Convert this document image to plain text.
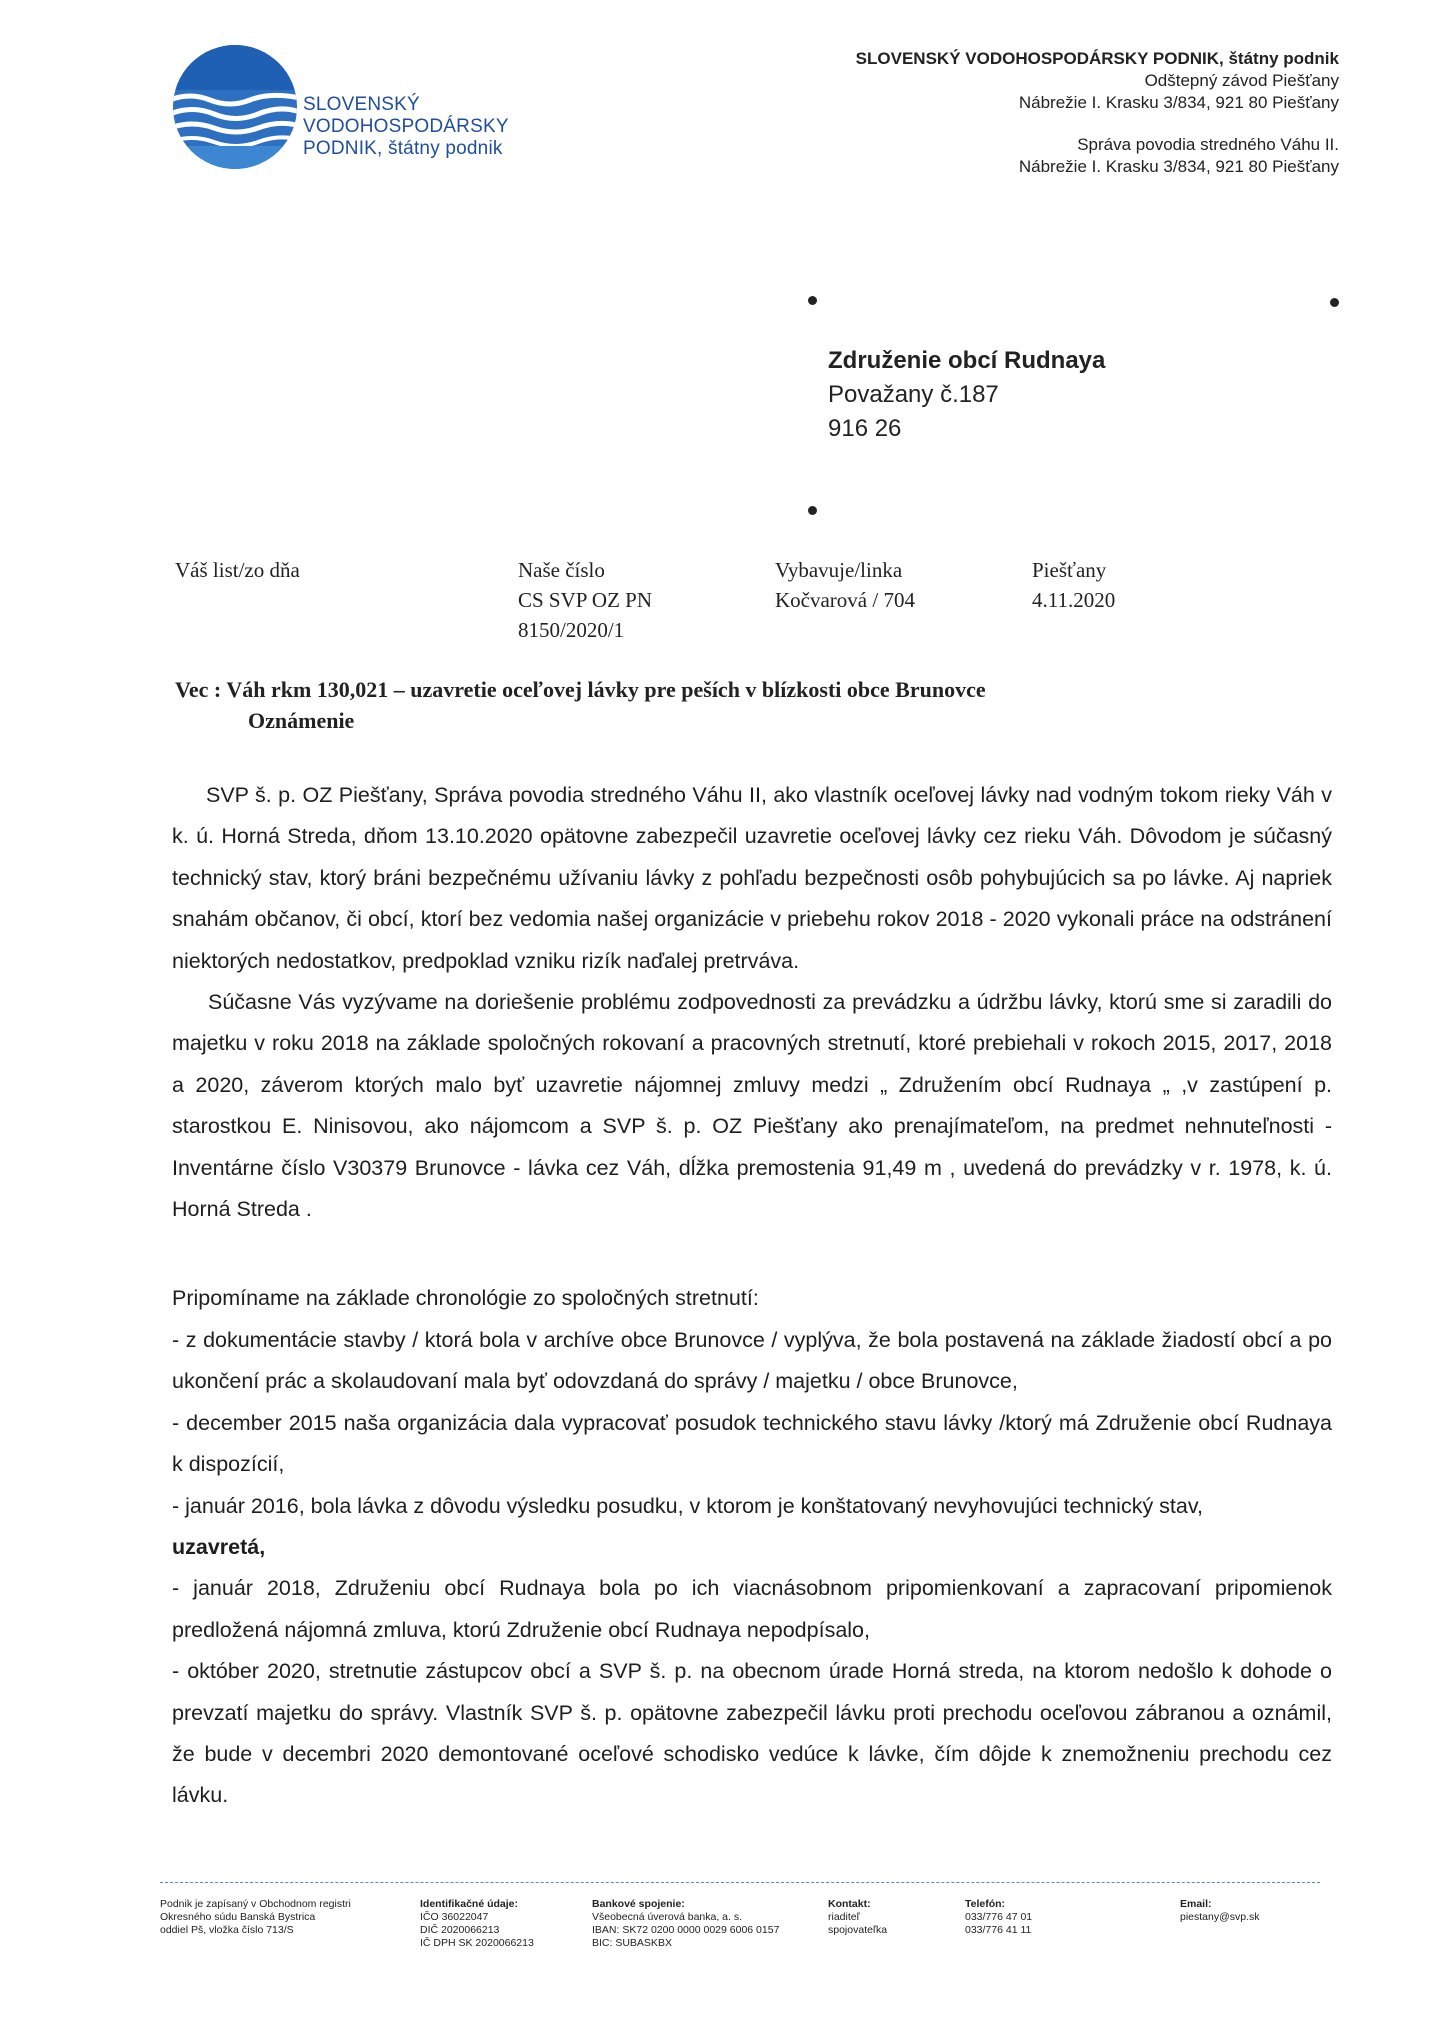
SLOVENSKÝ
VODOHOSPODÁRSKY
PODNIK, štátny podnik
SLOVENSKÝ VODOHOSPODÁRSKY PODNIK, štátny podnik
Odštepný závod Piešťany
Nábrežie I. Krasku 3/834, 921 80 Piešťany
Správa povodia stredného Váhu II.
Nábrežie I. Krasku 3/834, 921 80 Piešťany
Združenie obcí Rudnaya
Považany č.187
916 26
Váš list/zo dňa	Naše číslo
CS SVP OZ PN
8150/2020/1
Vybavuje/linka
Kočvarová / 704
Piešťany
4.11.2020
Vec : Váh rkm 130,021 – uzavretie oceľovej lávky pre peších v blízkosti obce Brunovce
Oznámenie

SVP š. p. OZ Piešťany, Správa povodia stredného Váhu II, ako vlastník oceľovej lávky nad vodným tokom rieky Váh v k. ú. Horná Streda, dňom 13.10.2020 opätovne zabezpečil uzavretie oceľovej lávky cez rieku Váh. Dôvodom je súčasný technický stav, ktorý bráni bezpečnému užívaniu lávky z pohľadu bezpečnosti osôb pohybujúcich sa po lávke. Aj napriek snahám občanov, či obcí, ktorí bez vedomia našej organizácie v priebehu rokov 2018 - 2020 vykonali práce na odstránení niektorých nedostatkov, predpoklad vzniku rizík naďalej pretrváva.

Súčasne Vás vyzývame na doriešenie problému zodpovednosti za prevádzku a údržbu lávky, ktorú sme si zaradili do majetku v roku 2018 na základe spoločných rokovaní a pracovných stretnutí, ktoré prebiehali v rokoch 2015, 2017, 2018 a 2020, záverom ktorých malo byť uzavretie nájomnej zmluvy medzi „ Združením obcí Rudnaya „ ,v zastúpení p. starostkou E. Ninisovou, ako nájomcom a SVP š. p. OZ Piešťany ako prenajímateľom, na predmet nehnuteľnosti - Inventárne číslo V30379 Brunovce - lávka cez Váh, dĺžka premostenia 91,49 m , uvedená do prevádzky v r. 1978, k. ú. Horná Streda .

Pripomíname na základe chronológie zo spoločných stretnutí:

- z dokumentácie stavby / ktorá bola v archíve obce Brunovce / vyplýva, že bola postavená na základe žiadostí obcí a po ukončení prác a skolaudovaní mala byť odovzdaná do správy / majetku / obce Brunovce,

- december 2015 naša organizácia dala vypracovať posudok technického stavu lávky /ktorý má Združenie obcí Rudnaya k dispozícií,

- január 2016, bola lávka z dôvodu výsledku posudku, v ktorom je konštatovaný nevyhovujúci technický stav,

uzavretá,

- január 2018, Združeniu obcí Rudnaya bola po ich viacnásobnom pripomienkovaní a zapracovaní pripomienok predložená nájomná zmluva, ktorú Združenie obcí Rudnaya nepodpísalo,

- október 2020, stretnutie zástupcov obcí a SVP š. p. na obecnom úrade Horná streda, na ktorom nedošlo k dohode o prevzatí majetku do správy. Vlastník SVP š. p. opätovne zabezpečil lávku proti prechodu oceľovou zábranou a oznámil, že bude v decembri 2020 demontované oceľové schodisko vedúce k lávke, čím dôjde k znemožneniu prechodu cez lávku.

Podnik je zapísaný v Obchodnom registri
Okresného súdu Banská Bystrica
oddiel Pš, vložka číslo 713/S
Identifikačné údaje:
IČO 36022047
DIČ 2020066213
IČ DPH SK 2020066213
Bankové spojenie:
Všeobecná úverová banka, a. s.
IBAN: SK72 0200 0000 0029 6006 0157
BIC: SUBASKBX
Kontakt:
riaditeľ
spojovateľka
Telefón:
033/776 47 01
033/776 41 11
Email:
piestany@svp.sk
